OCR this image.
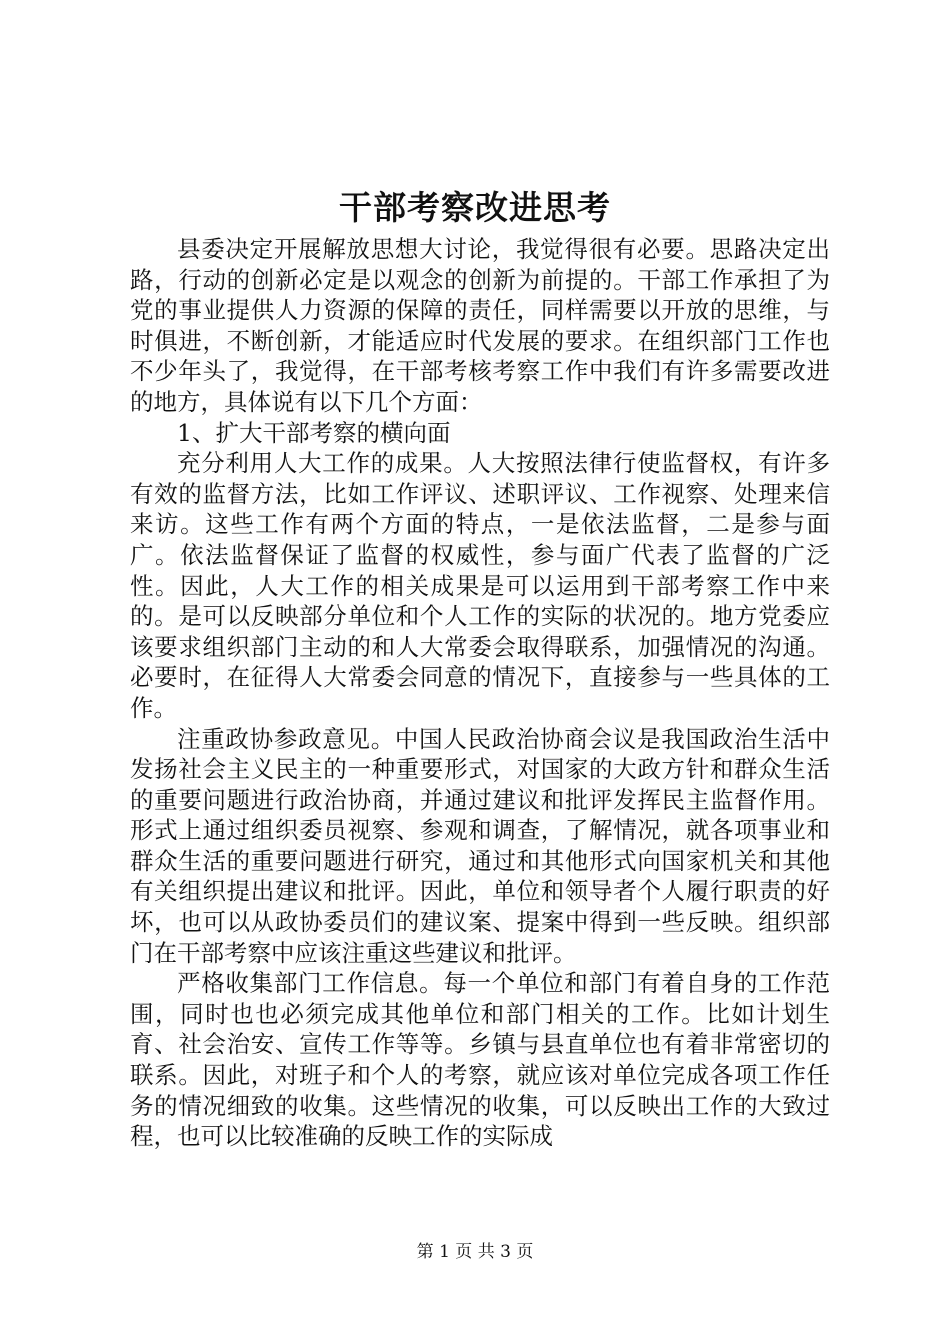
干部考察改进思考

县委决定开展解放思想大讨论，我觉得很有必要。思路决定出路，行动的创新必定是以观念的创新为前提的。干部工作承担了为党的事业提供人力资源的保障的责任，同样需要以开放的思维，与时俱进，不断创新，才能适应时代发展的要求。在组织部门工作也不少年头了，我觉得，在干部考核考察工作中我们有许多需要改进的地方，具体说有以下几个方面：

1、扩大干部考察的横向面

充分利用人大工作的成果。人大按照法律行使监督权，有许多有效的监督方法，比如工作评议、述职评议、工作视察、处理来信来访。这些工作有两个方面的特点，一是依法监督，二是参与面广。依法监督保证了监督的权威性，参与面广代表了监督的广泛性。因此，人大工作的相关成果是可以运用到干部考察工作中来的。是可以反映部分单位和个人工作的实际的状况的。地方党委应该要求组织部门主动的和人大常委会取得联系，加强情况的沟通。必要时，在征得人大常委会同意的情况下，直接参与一些具体的工作。

注重政协参政意见。中国人民政治协商会议是我国政治生活中发扬社会主义民主的一种重要形式，对国家的大政方针和群众生活的重要问题进行政治协商，并通过建议和批评发挥民主监督作用。形式上通过组织委员视察、参观和调查，了解情况，就各项事业和群众生活的重要问题进行研究，通过和其他形式向国家机关和其他有关组织提出建议和批评。因此，单位和领导者个人履行职责的好坏，也可以从政协委员们的建议案、提案中得到一些反映。组织部门在干部考察中应该注重这些建议和批评。

严格收集部门工作信息。每一个单位和部门有着自身的工作范围，同时也也必须完成其他单位和部门相关的工作。比如计划生育、社会治安、宣传工作等等。乡镇与县直单位也有着非常密切的联系。因此，对班子和个人的考察，就应该对单位完成各项工作任务的情况细致的收集。这些情况的收集，可以反映出工作的大致过程，也可以比较准确的反映工作的实际成

第 1 页 共 3 页
